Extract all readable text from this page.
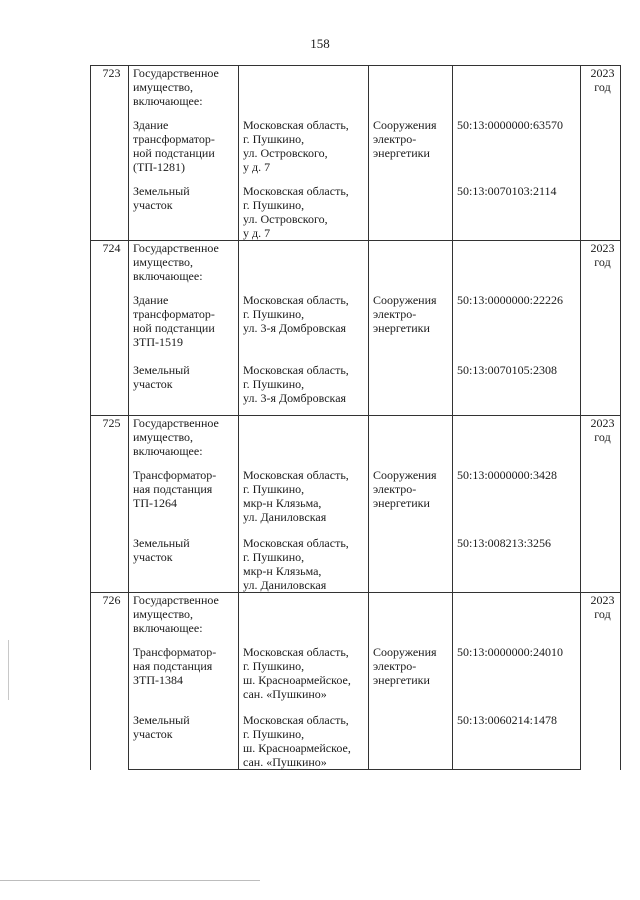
158
723	Государственное
имущество,
включающее:				2023
год
	Здание
трансформатор-
ной подстанции
(ТП-1281)	Московская область,
г. Пушкино,
ул. Островского,
у д. 7	Сооружения
электро-
энергетики	50:13:0000000:63570	
	Земельный
участок	Московская область,
г. Пушкино,
ул. Островского,
у д. 7		50:13:0070103:2114	
724	Государственное
имущество,
включающее:				2023
год
	Здание
трансформатор-
ной подстанции
ЗТП-1519	Московская область,
г. Пушкино,
ул. 3-я Домбровская	Сооружения
электро-
энергетики	50:13:0000000:22226	
	Земельный
участок	Московская область,
г. Пушкино,
ул. 3-я Домбровская		50:13:0070105:2308	
725	Государственное
имущество,
включающее:				2023
год
	Трансформатор-
ная подстанция
ТП-1264	Московская область,
г. Пушкино,
мкр-н Клязьма,
ул. Даниловская	Сооружения
электро-
энергетики	50:13:0000000:3428	
	Земельный
участок	Московская область,
г. Пушкино,
мкр-н Клязьма,
ул. Даниловская		50:13:008213:3256	
726	Государственное
имущество,
включающее:				2023
год
	Трансформатор-
ная подстанция
ЗТП-1384	Московская область,
г. Пушкино,
ш. Красноармейское,
сан. «Пушкино»	Сооружения
электро-
энергетики	50:13:0000000:24010	
	Земельный
участок	Московская область,
г. Пушкино,
ш. Красноармейское,
сан. «Пушкино»		50:13:0060214:1478	
